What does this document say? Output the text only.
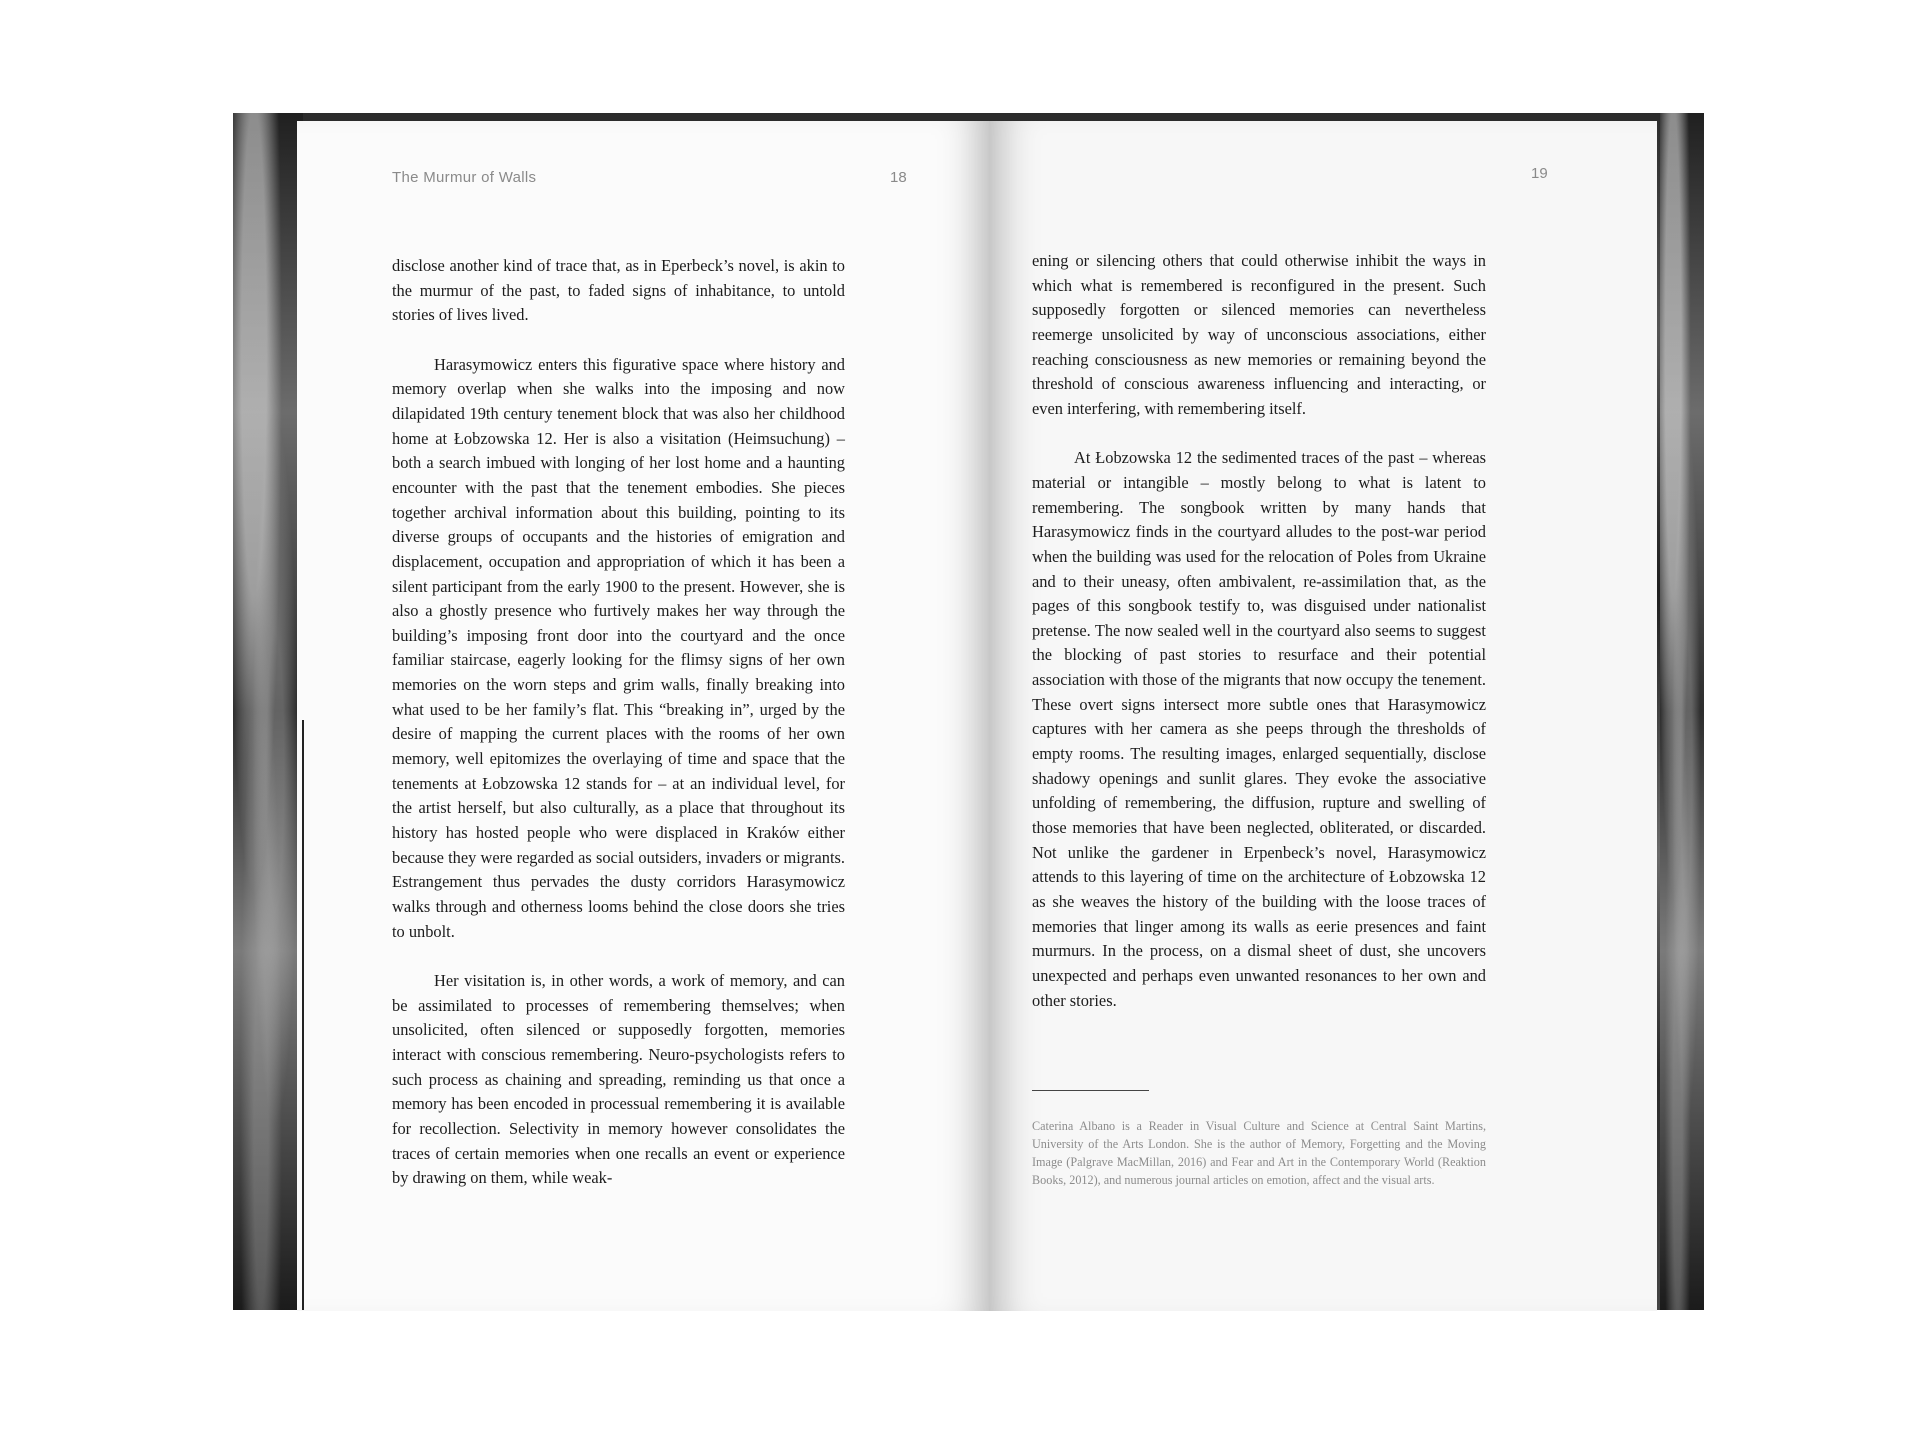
The Murmur of Walls	18

disclose another kind of trace that, as in Eperbeck’s novel, is akin to the murmur of the past, to faded signs of inhabitance, to untold stories of lives lived.

Harasymowicz enters this figurative space where history and memory overlap when she walks into the imposing and now dilapidated 19th century tenement block that was also her childhood home at Łobzowska 12. Her is also a visitation (Heimsuchung) – both a search imbued with longing of her lost home and a haunting encounter with the past that the tenement embodies. She pieces together archival information about this building, pointing to its diverse groups of occupants and the histories of emigration and displacement, occupation and appropriation of which it has been a silent participant from the early 1900 to the present. However, she is also a ghostly presence who furtively makes her way through the building’s imposing front door into the courtyard and the once familiar staircase, eagerly looking for the flimsy signs of her own memories on the worn steps and grim walls, finally breaking into what used to be her family’s flat. This “breaking in”, urged by the desire of mapping the current places with the rooms of her own memory, well epitomizes the overlaying of time and space that the tenements at Łobzowska 12 stands for – at an individual level, for the artist herself, but also culturally, as a place that throughout its history has hosted people who were displaced in Kraków either because they were regarded as social outsiders, invaders or migrants. Estrangement thus pervades the dusty corridors Harasymowicz walks through and otherness looms behind the close doors she tries to unbolt.

Her visitation is, in other words, a work of memory, and can be assimilated to processes of remembering themselves; when unsolicited, often silenced or supposedly forgotten, memories interact with conscious remembering. Neuro-psychologists refers to such process as chaining and spreading, reminding us that once a memory has been encoded in processual remembering it is available for recollection. Selectivity in memory however consolidates the traces of certain memories when one recalls an event or experience by drawing on them, while weak-

19

ening or silencing others that could otherwise inhibit the ways in which what is remembered is reconfigured in the present. Such supposedly forgotten or silenced memories can nevertheless reemerge unsolicited by way of unconscious associations, either reaching consciousness as new memories or remaining beyond the threshold of conscious awareness influencing and interacting, or even interfering, with remembering itself.

At Łobzowska 12 the sedimented traces of the past – whereas material or intangible – mostly belong to what is latent to remembering. The songbook written by many hands that Harasymowicz finds in the courtyard alludes to the post-war period when the building was used for the relocation of Poles from Ukraine and to their uneasy, often ambivalent, re-assimilation that, as the pages of this songbook testify to, was disguised under nationalist pretense. The now sealed well in the courtyard also seems to suggest the blocking of past stories to resurface and their potential association with those of the migrants that now occupy the tenement. These overt signs intersect more subtle ones that Harasymowicz captures with her camera as she peeps through the thresholds of empty rooms. The resulting images, enlarged sequentially, disclose shadowy openings and sunlit glares. They evoke the associative unfolding of remembering, the diffusion, rupture and swelling of those memories that have been neglected, obliterated, or discarded. Not unlike the gardener in Erpenbeck’s novel, Harasymowicz attends to this layering of time on the architecture of Łobzowska 12 as she weaves the history of the building with the loose traces of memories that linger among its walls as eerie presences and faint murmurs. In the process, on a dismal sheet of dust, she uncovers unexpected and perhaps even unwanted resonances to her own and other stories.

Caterina Albano is a Reader in Visual Culture and Science at Central Saint Martins, University of the Arts London. She is the author of Memory, Forgetting and the Moving Image (Palgrave MacMillan, 2016) and Fear and Art in the Contemporary World (Reaktion Books, 2012), and numerous journal articles on emotion, affect and the visual arts.
